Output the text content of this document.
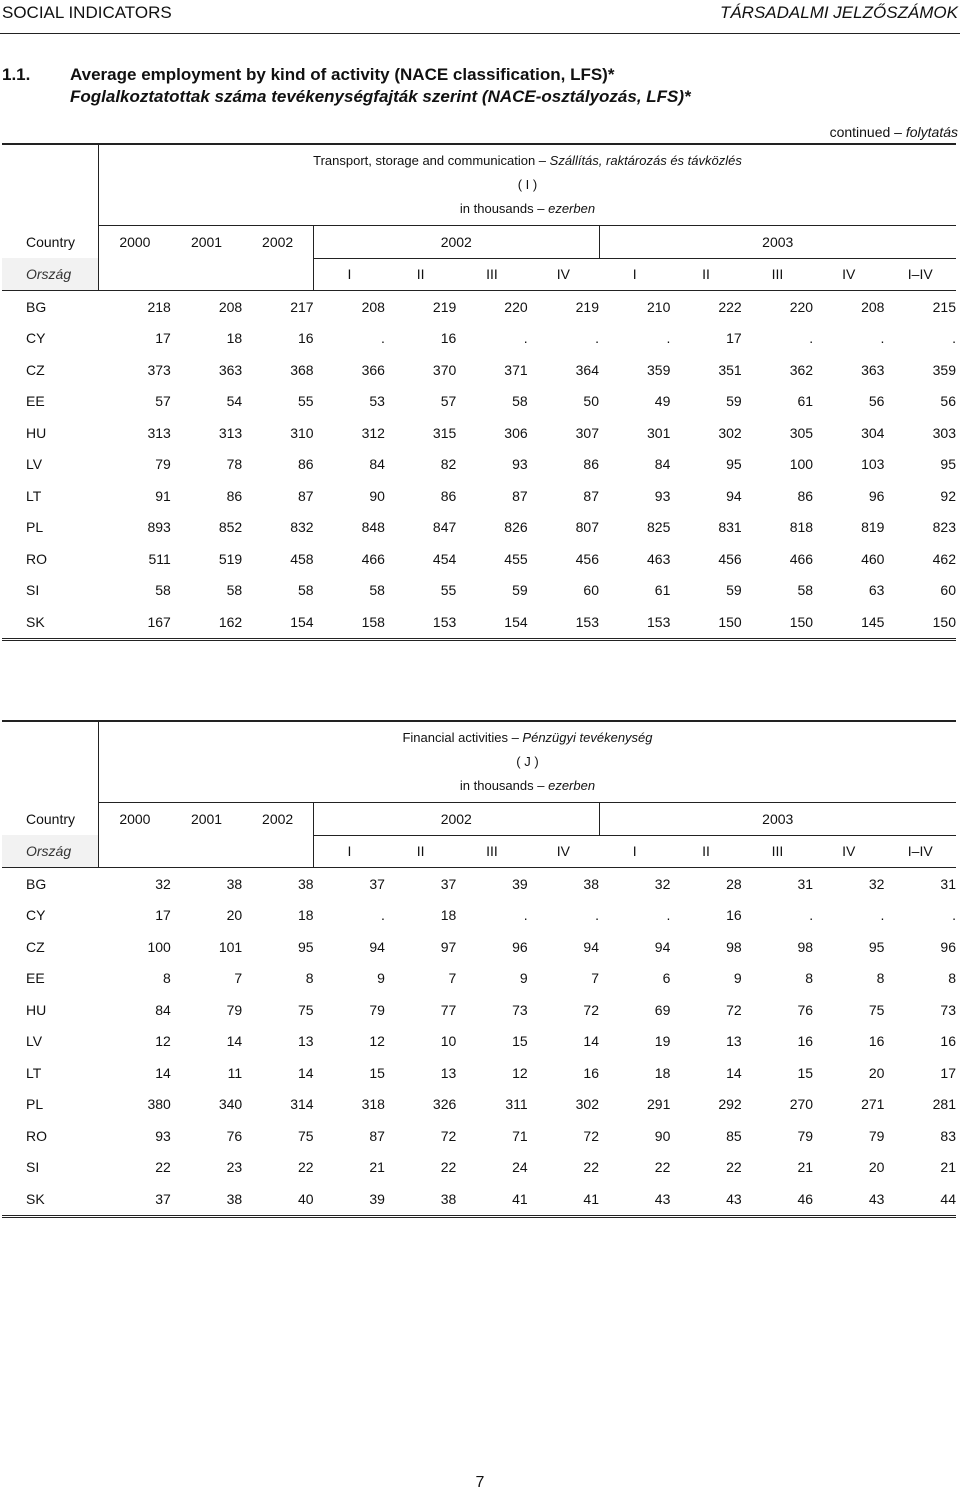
SOCIAL INDICATORS	TÁRSADALMI JELZŐSZÁMOK
1.1. Average employment by kind of activity (NACE classification, LFS)*
Foglalkoztatottak száma tevékenységfajták szerint (NACE-osztályozás, LFS)*
continued – folytatás

	Transport, storage and communication – Szállítás, raktározás és távközlés
( I )
in thousands – ezerben											

Country	2000	2001	2002	2002				2003				
Ország				I	II	III	IV	I	II	III	IV	I–IV
BG	218	208	217	208	219	220	219	210	222	220	208	215
CY	17	18	16	.	16	.	.	.	17	.	.	.
CZ	373	363	368	366	370	371	364	359	351	362	363	359
EE	57	54	55	53	57	58	50	49	59	61	56	56
HU	313	313	310	312	315	306	307	301	302	305	304	303
LV	79	78	86	84	82	93	86	84	95	100	103	95
LT	91	86	87	90	86	87	87	93	94	86	96	92
PL	893	852	832	848	847	826	807	825	831	818	819	823
RO	511	519	458	466	454	455	456	463	456	466	460	462
SI	58	58	58	58	55	59	60	61	59	58	63	60
SK	167	162	154	158	153	154	153	153	150	150	145	150

	Financial activities – Pénzügyi tevékenység
( J )
in thousands – ezerben											

Country	2000	2001	2002	2002				2003				
Ország				I	II	III	IV	I	II	III	IV	I–IV
BG	32	38	38	37	37	39	38	32	28	31	32	31
CY	17	20	18	.	18	.	.	.	16	.	.	.
CZ	100	101	95	94	97	96	94	94	98	98	95	96
EE	8	7	8	9	7	9	7	6	9	8	8	8
HU	84	79	75	79	77	73	72	69	72	76	75	73
LV	12	14	13	12	10	15	14	19	13	16	16	16
LT	14	11	14	15	13	12	16	18	14	15	20	17
PL	380	340	314	318	326	311	302	291	292	270	271	281
RO	93	76	75	87	72	71	72	90	85	79	79	83
SI	22	23	22	21	22	24	22	22	22	21	20	21
SK	37	38	40	39	38	41	41	43	43	46	43	44
7
